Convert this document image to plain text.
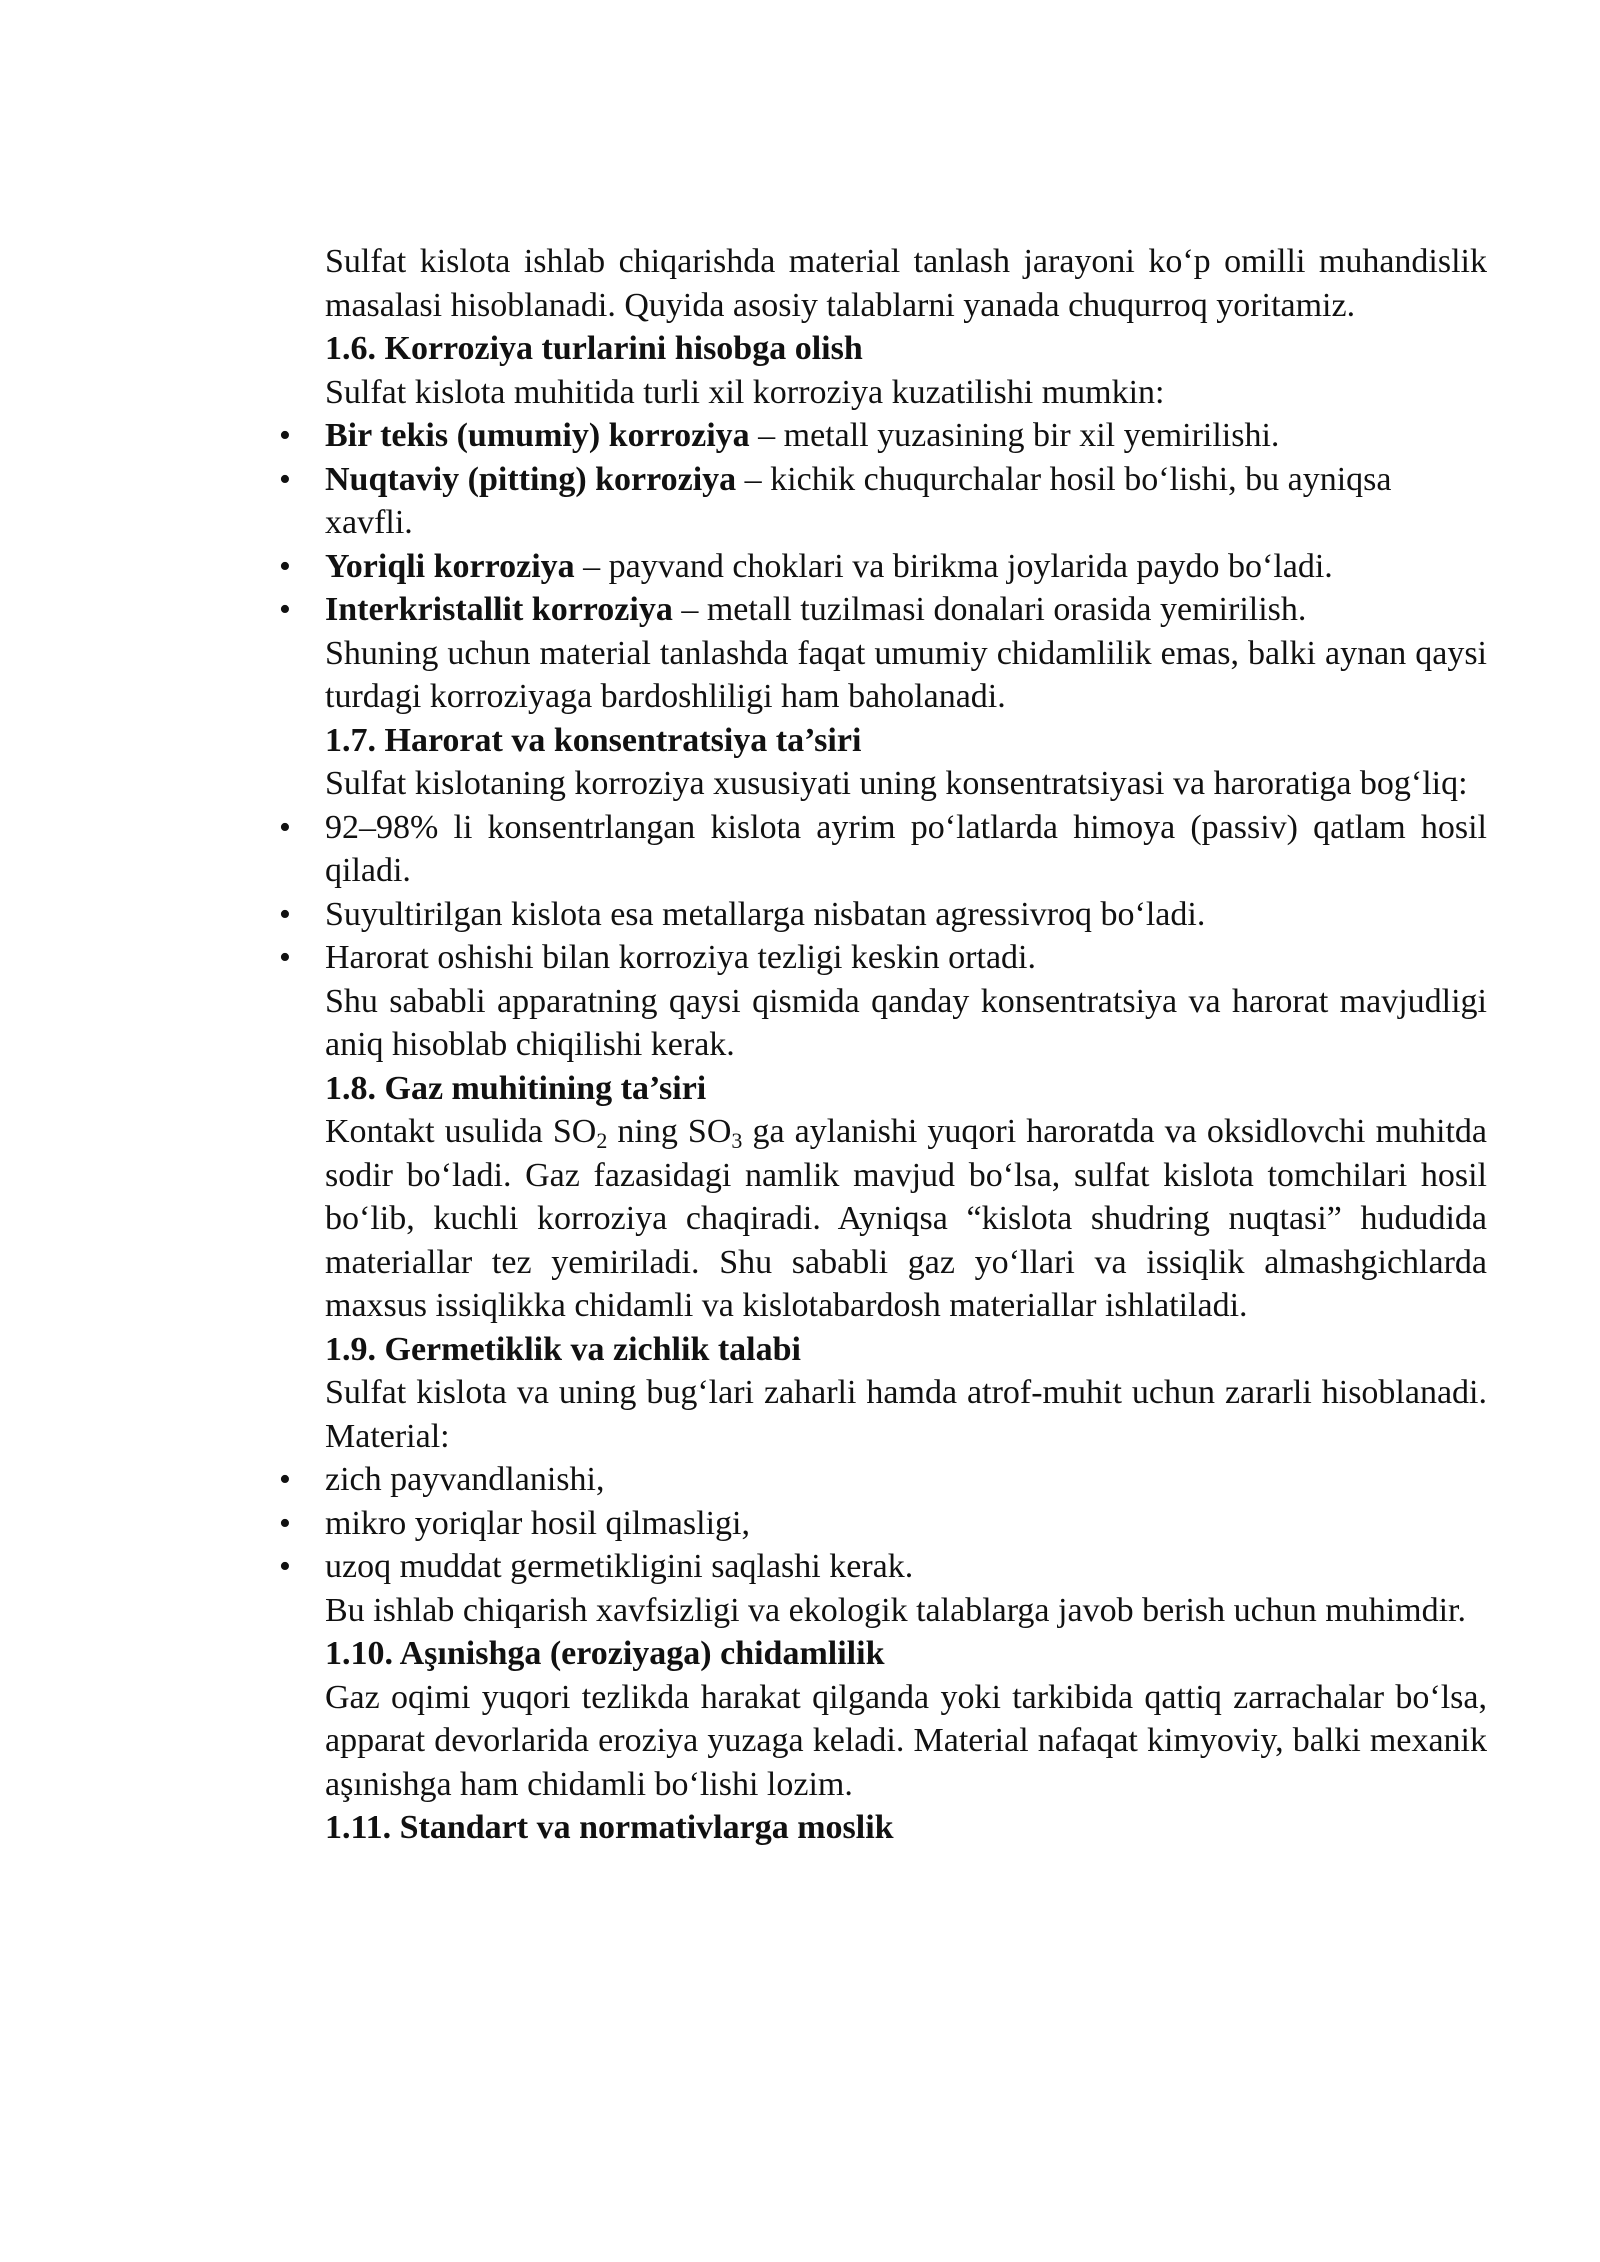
Sulfat kislota ishlab chiqarishda material tanlash jarayoni ko‘p omilli muhandislik masalasi hisoblanadi. Quyida asosiy talablarni yanada chuqurroq yoritamiz.

1.6. Korroziya turlarini hisobga olish

Sulfat kislota muhitida turli xil korroziya kuzatilishi mumkin:

• Bir tekis (umumiy) korroziya – metall yuzasining bir xil yemirilishi.
• Nuqtaviy (pitting) korroziya – kichik chuqurchalar hosil bo‘lishi, bu ayniqsa xavfli.
• Yoriqli korroziya – payvand choklari va birikma joylarida paydo bo‘ladi.
• Interkristallit korroziya – metall tuzilmasi donalari orasida yemirilish.

Shuning uchun material tanlashda faqat umumiy chidamlilik emas, balki aynan qaysi turdagi korroziyaga bardoshliligi ham baholanadi.

1.7. Harorat va konsentratsiya ta’siri

Sulfat kislotaning korroziya xususiyati uning konsentratsiyasi va haroratiga bog‘liq:

• 92–98% li konsentrlangan kislota ayrim po‘latlarda himoya (passiv) qatlam hosil qiladi.
• Suyultirilgan kislota esa metallarga nisbatan agressivroq bo‘ladi.
• Harorat oshishi bilan korroziya tezligi keskin ortadi.

Shu sababli apparatning qaysi qismida qanday konsentratsiya va harorat mavjudligi aniq hisoblab chiqilishi kerak.

1.8. Gaz muhitining ta’siri

Kontakt usulida $SO_2$ ning $SO_3$ ga aylanishi yuqori haroratda va oksidlovchi muhitda sodir bo‘ladi. Gaz fazasidagi namlik mavjud bo‘lsa, sulfat kislota tomchilari hosil bo‘lib, kuchli korroziya chaqiradi. Ayniqsa “kislota shudring nuqtasi” hududida materiallar tez yemiriladi. Shu sababli gaz yo‘llari va issiqlik almashgichlarda maxsus issiqlikka chidamli va kislotabardosh materiallar ishlatiladi.

1.9. Germetiklik va zichlik talabi

Sulfat kislota va uning bug‘lari zaharli hamda atrof-muhit uchun zararli hisoblanadi. Material:

• zich payvandlanishi,
• mikro yoriqlar hosil qilmasligi,
• uzoq muddat germetikligini saqlashi kerak.

Bu ishlab chiqarish xavfsizligi va ekologik talablarga javob berish uchun muhimdir.

1.10. Aşınishga (eroziyaga) chidamlilik

Gaz oqimi yuqori tezlikda harakat qilganda yoki tarkibida qattiq zarrachalar bo‘lsa, apparat devorlarida eroziya yuzaga keladi. Material nafaqat kimyoviy, balki mexanik aşınishga ham chidamli bo‘lishi lozim.

1.11. Standart va normativlarga moslik
